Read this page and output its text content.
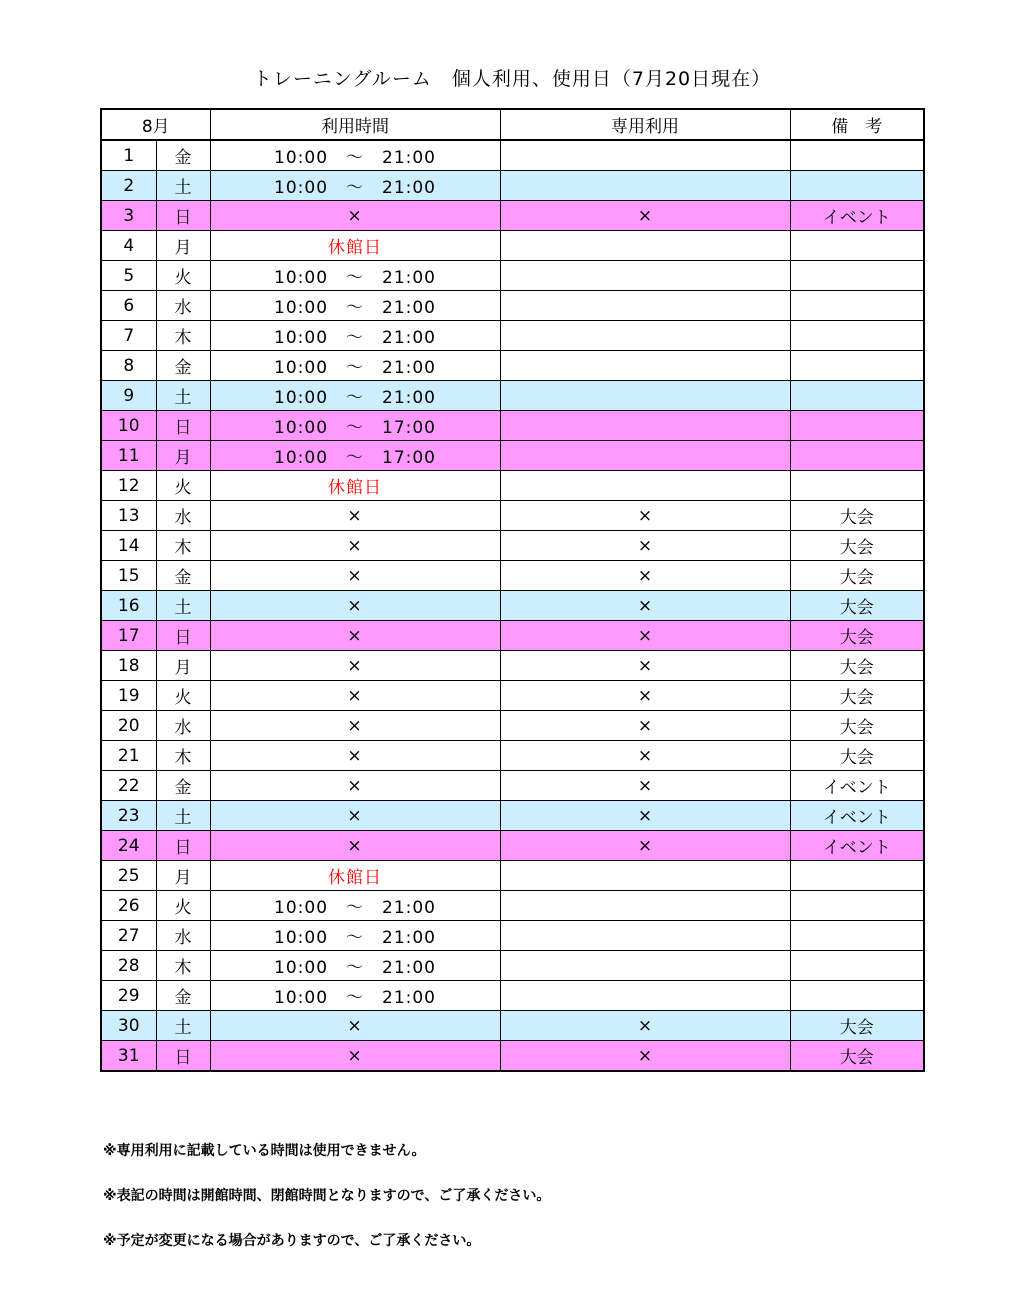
トレーニングルーム　個人利用、使用日（7月20日現在）
8月		利用時間	専用利用	備　考
1	金	10:00　～　21:00		
2	土	10:00　～　21:00		
3	日	×	×	イベント
4	月	休館日		
5	火	10:00　～　21:00		
6	水	10:00　～　21:00		
7	木	10:00　～　21:00		
8	金	10:00　～　21:00		
9	土	10:00　～　21:00		
10	日	10:00　～　17:00		
11	月	10:00　～　17:00		
12	火	休館日		
13	水	×	×	大会
14	木	×	×	大会
15	金	×	×	大会
16	土	×	×	大会
17	日	×	×	大会
18	月	×	×	大会
19	火	×	×	大会
20	水	×	×	大会
21	木	×	×	大会
22	金	×	×	イベント
23	土	×	×	イベント
24	日	×	×	イベント
25	月	休館日		
26	火	10:00　～　21:00		
27	水	10:00　～　21:00		
28	木	10:00　～　21:00		
29	金	10:00　～　21:00		
30	土	×	×	大会
31	日	×	×	大会
※専用利用に記載している時間は使用できません。
※表記の時間は開館時間、閉館時間となりますので、ご了承ください。
※予定が変更になる場合がありますので、ご了承ください。
